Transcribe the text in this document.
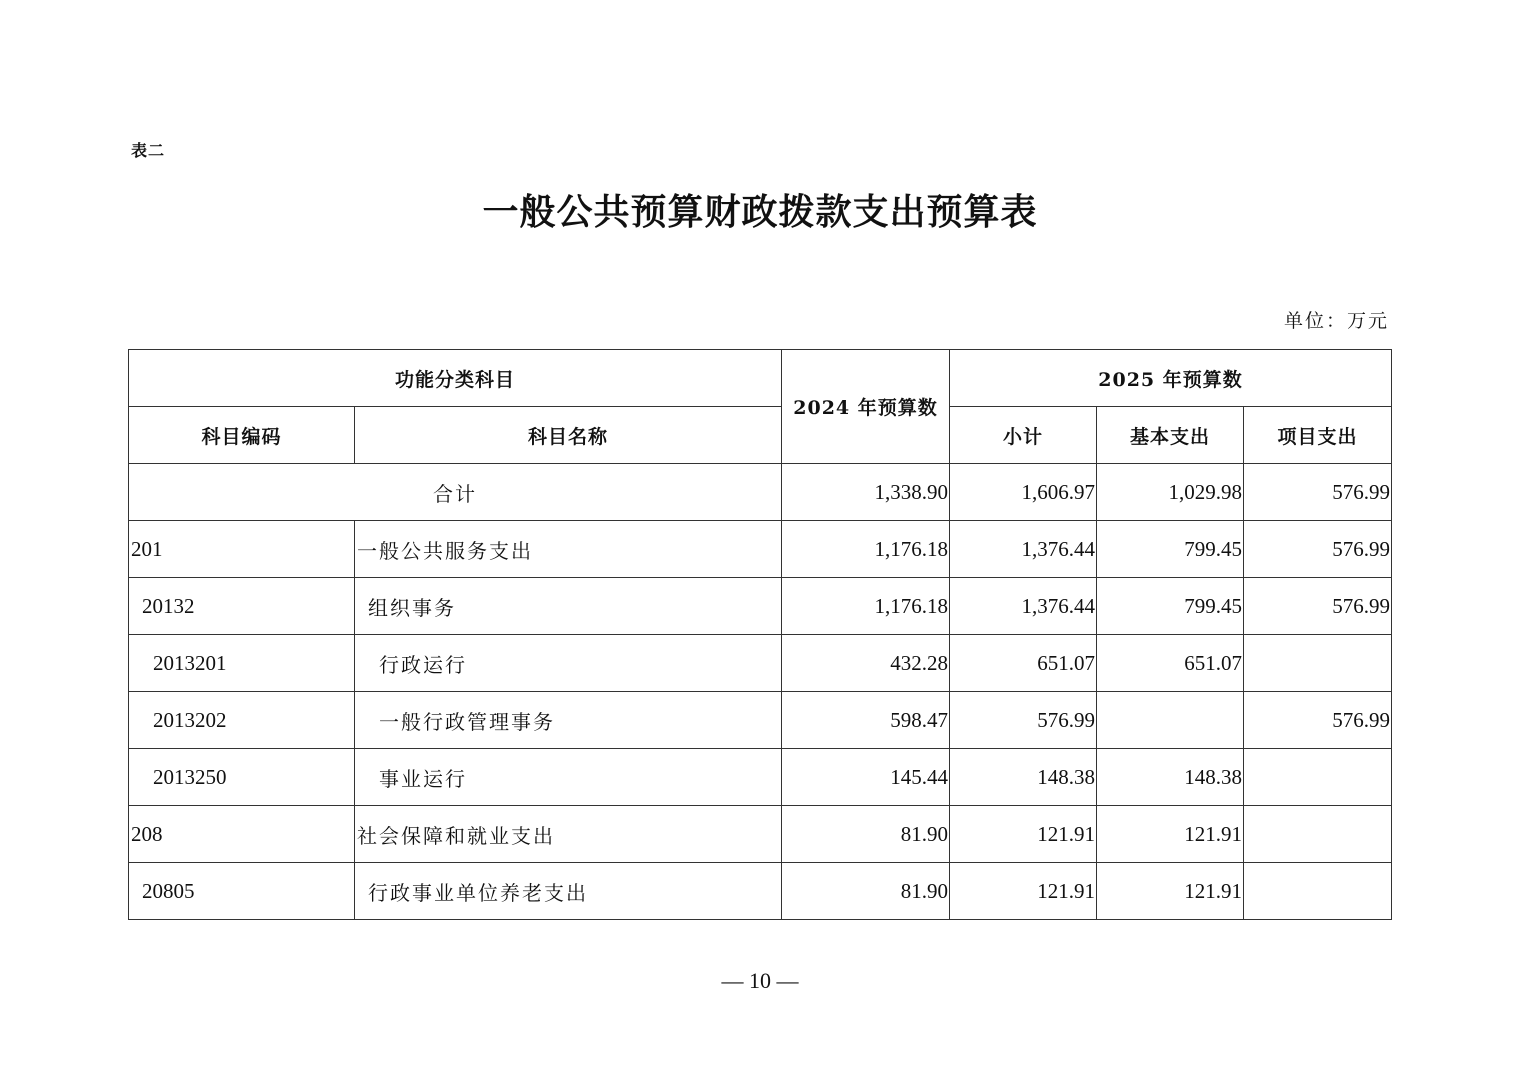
表二
一般公共预算财政拨款支出预算表
单位：万元
功能分类科目		2024 年预算数	2025 年预算数		
科目编码	科目名称		小计	基本支出	项目支出
合计		1,338.90	1,606.97	1,029.98	576.99
201	一般公共服务支出	1,176.18	1,376.44	799.45	576.99
20132	组织事务	1,176.18	1,376.44	799.45	576.99
2013201	行政运行	432.28	651.07	651.07	
2013202	一般行政管理事务	598.47	576.99		576.99
2013250	事业运行	145.44	148.38	148.38	
208	社会保障和就业支出	81.90	121.91	121.91	
20805	行政事业单位养老支出	81.90	121.91	121.91	
— 10 —
